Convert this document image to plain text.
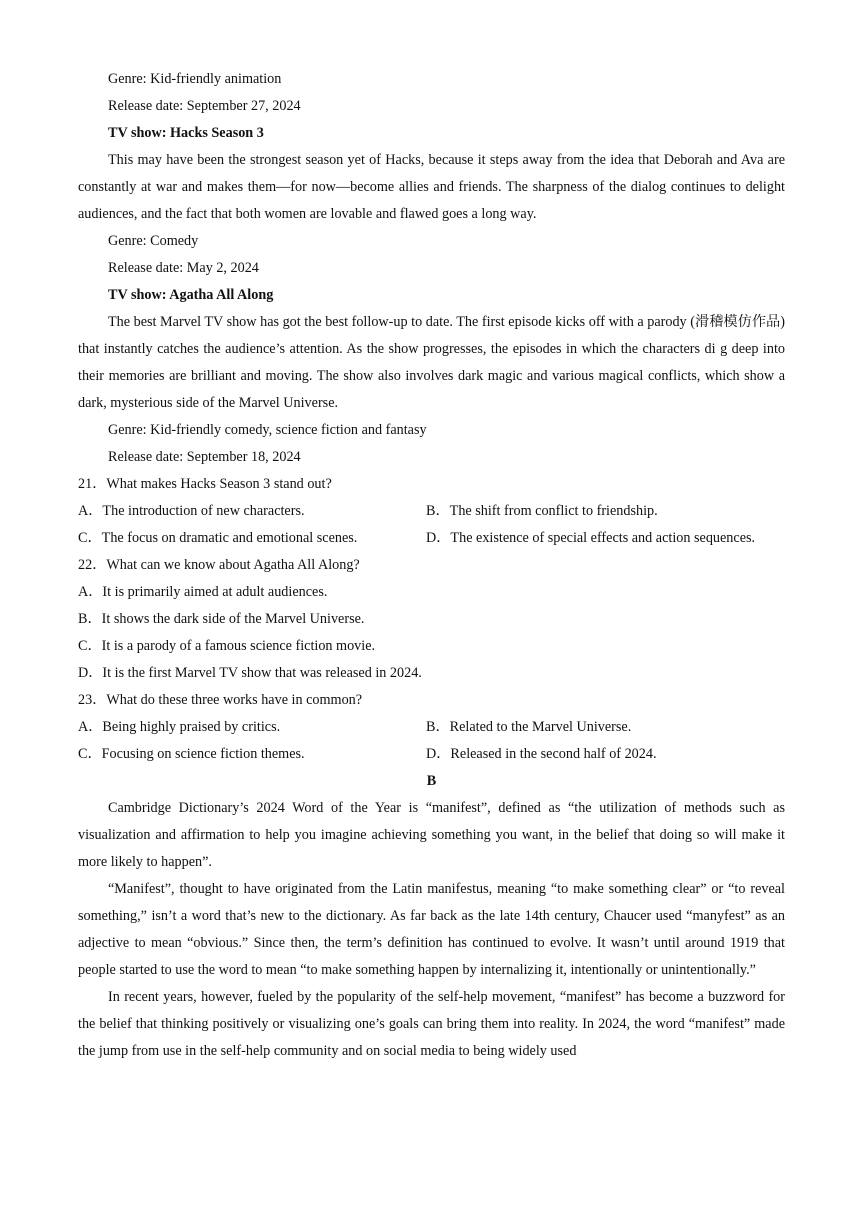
Genre: Kid-friendly animation
Release date: September 27, 2024
TV show: Hacks Season 3

This may have been the strongest season yet of Hacks, because it steps away from the idea that Deborah and Ava are constantly at war and makes them—for now—become allies and friends. The sharpness of the dialog continues to delight audiences, and the fact that both women are lovable and flawed goes a long way.

Genre: Comedy
Release date: May 2, 2024
TV show: Agatha All Along

The best Marvel TV show has got the best follow-up to date. The first episode kicks off with a parody (滑稽模仿作品) that instantly catches the audience’s attention. As the show progresses, the episodes in which the characters di g deep into their memories are brilliant and moving. The show also involves dark magic and various magical conflicts, which show a dark, mysterious side of the Marvel Universe.

Genre: Kid-friendly comedy, science fiction and fantasy
Release date: September 18, 2024
21．What makes Hacks Season 3 stand out?
A．The introduction of new characters.	B．The shift from conflict to friendship.
C．The focus on dramatic and emotional scenes.	D．The existence of special effects and action sequences.
22．What can we know about Agatha All Along?
A．It is primarily aimed at adult audiences.
B．It shows the dark side of the Marvel Universe.
C．It is a parody of a famous science fiction movie.
D．It is the first Marvel TV show that was released in 2024.
23．What do these three works have in common?
A．Being highly praised by critics.	B．Related to the Marvel Universe.
C．Focusing on science fiction themes.	D．Released in the second half of 2024.
B

Cambridge Dictionary’s 2024 Word of the Year is “manifest”, defined as “the utilization of methods such as visualization and affirmation to help you imagine achieving something you want, in the belief that doing so will make it more likely to happen”.

“Manifest”, thought to have originated from the Latin manifestus, meaning “to make something clear” or “to reveal something,” isn’t a word that’s new to the dictionary. As far back as the late 14th century, Chaucer used “manyfest” as an adjective to mean “obvious.” Since then, the term’s definition has continued to evolve. It wasn’t until around 1919 that people started to use the word to mean “to make something happen by internalizing it, intentionally or unintentionally.”

In recent years, however, fueled by the popularity of the self-help movement, “manifest” has become a buzzword for the belief that thinking positively or visualizing one’s goals can bring them into reality. In 2024, the word “manifest” made the jump from use in the self-help community and on social media to being widely used
